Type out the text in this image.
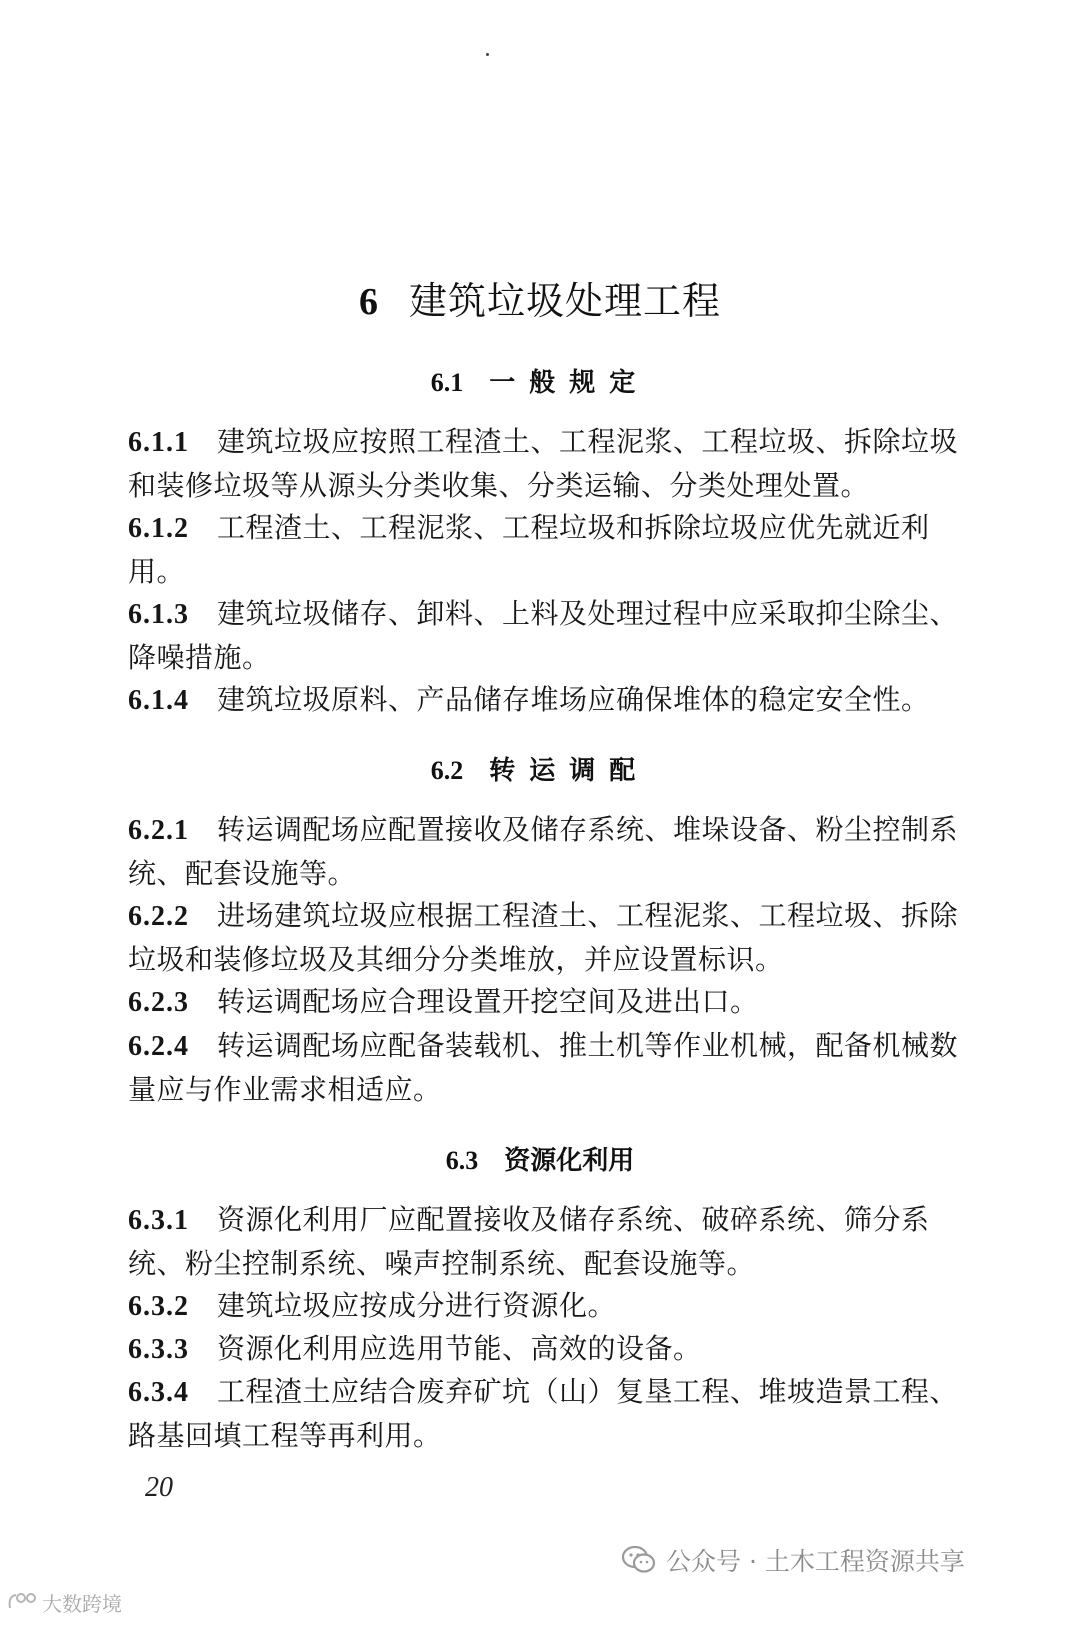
6 建筑垃圾处理工程
6.1 一般规定
6.1.1 建筑垃圾应按照工程渣土、工程泥浆、工程垃圾、拆除垃圾和装修垃圾等从源头分类收集、分类运输、分类处理处置。
6.1.2 工程渣土、工程泥浆、工程垃圾和拆除垃圾应优先就近利用。
6.1.3 建筑垃圾储存、卸料、上料及处理过程中应采取抑尘除尘、降噪措施。
6.1.4 建筑垃圾原料、产品储存堆场应确保堆体的稳定安全性。
6.2 转运调配
6.2.1 转运调配场应配置接收及储存系统、堆垛设备、粉尘控制系统、配套设施等。
6.2.2 进场建筑垃圾应根据工程渣土、工程泥浆、工程垃圾、拆除垃圾和装修垃圾及其细分分类堆放，并应设置标识。
6.2.3 转运调配场应合理设置开挖空间及进出口。
6.2.4 转运调配场应配备装载机、推土机等作业机械，配备机械数量应与作业需求相适应。
6.3 资源化利用
6.3.1 资源化利用厂应配置接收及储存系统、破碎系统、筛分系统、粉尘控制系统、噪声控制系统、配套设施等。
6.3.2 建筑垃圾应按成分进行资源化。
6.3.3 资源化利用应选用节能、高效的设备。
6.3.4 工程渣土应结合废弃矿坑（山）复垦工程、堆坡造景工程、路基回填工程等再利用。
20
公众号 · 土木工程资源共享
大数跨境
